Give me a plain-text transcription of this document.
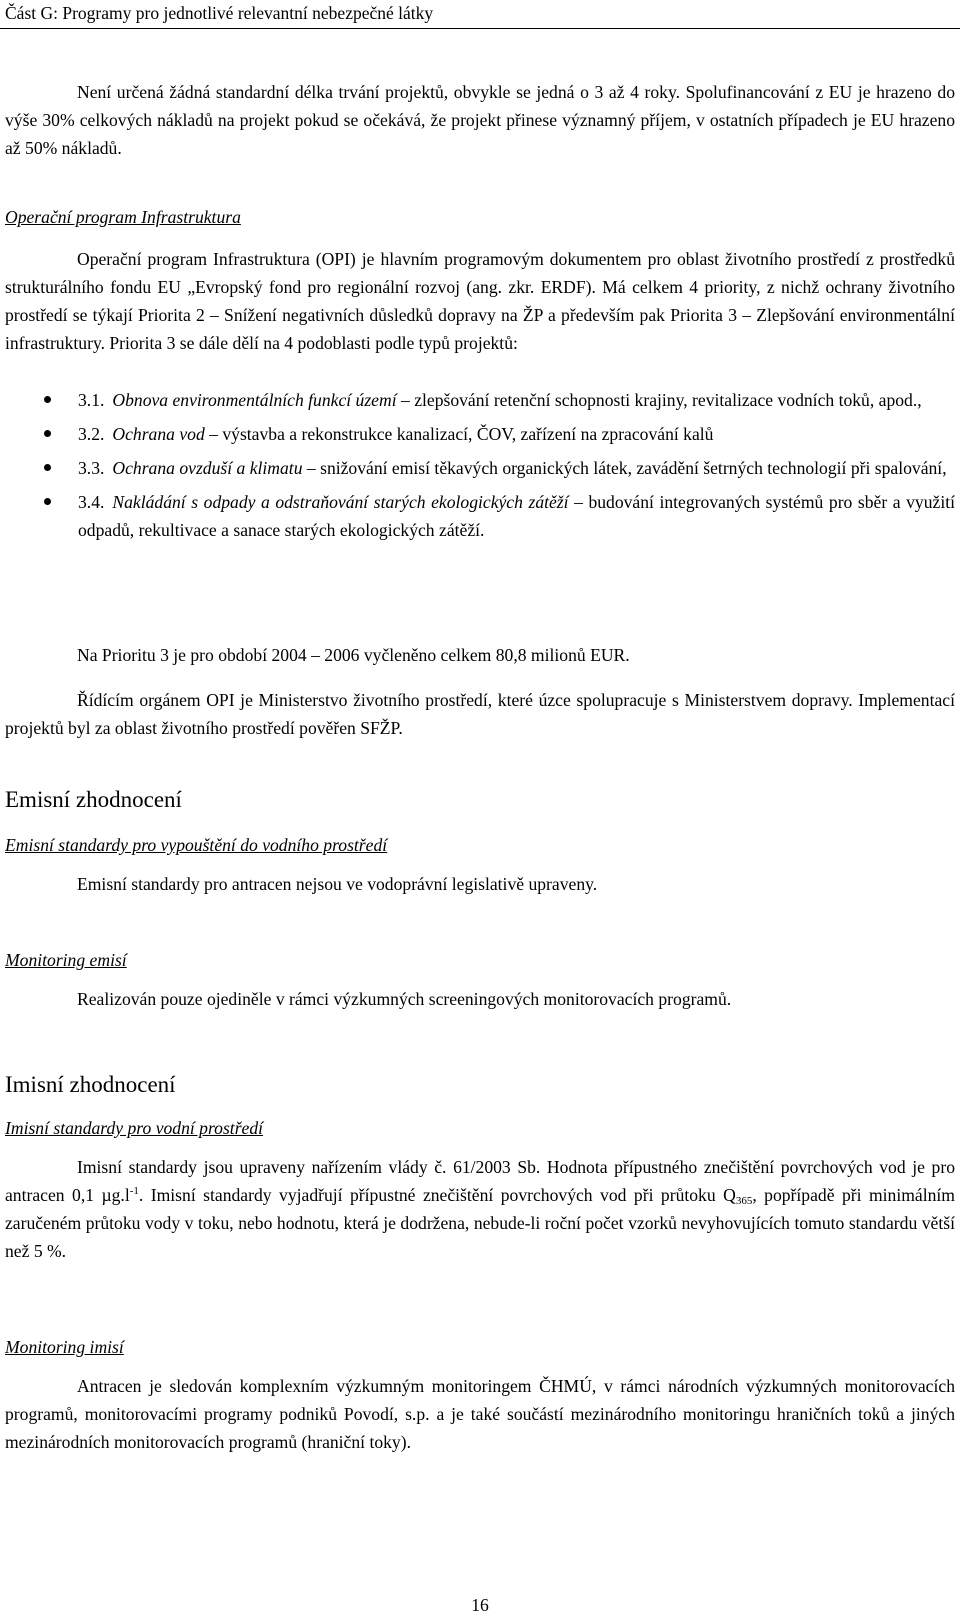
Část G: Programy pro jednotlivé relevantní nebezpečné látky

Není určená žádná standardní délka trvání projektů, obvykle se jedná o 3 až 4 roky. Spolufinancování z EU je hrazeno do výše 30% celkových nákladů na projekt pokud se očekává, že projekt přinese významný příjem, v ostatních případech je EU hrazeno až 50% nákladů.

Operační program Infrastruktura

Operační program Infrastruktura (OPI) je hlavním programovým dokumentem pro oblast životního prostředí z prostředků strukturálního fondu EU „Evropský fond pro regionální rozvoj (ang. zkr. ERDF). Má celkem 4 priority, z nichž ochrany životního prostředí se týkají Priorita 2 – Snížení negativních důsledků dopravy na ŽP a především pak Priorita 3 – Zlepšování environmentální infrastruktury. Priorita 3 se dále dělí na 4 podoblasti podle typů projektů:

3.1. Obnova environmentálních funkcí území – zlepšování retenční schopnosti krajiny, revitalizace vodních toků, apod.,
3.2. Ochrana vod – výstavba a rekonstrukce kanalizací, ČOV, zařízení na zpracování kalů
3.3. Ochrana ovzduší a klimatu – snižování emisí těkavých organických látek, zavádění šetrných technologií při spalování,
3.4. Nakládání s odpady a odstraňování starých ekologických zátěží – budování integrovaných systémů pro sběr a využití odpadů, rekultivace a sanace starých ekologických zátěží.

Na Prioritu 3 je pro období 2004 – 2006 vyčleněno celkem 80,8 milionů EUR.

Řídícím orgánem OPI je Ministerstvo životního prostředí, které úzce spolupracuje s Ministerstvem dopravy. Implementací projektů byl za oblast životního prostředí pověřen SFŽP.

Emisní zhodnocení

Emisní standardy pro vypouštění do vodního prostředí

Emisní standardy pro antracen nejsou ve vodoprávní legislativě upraveny.

Monitoring emisí

Realizován pouze ojediněle v rámci výzkumných screeningových monitorovacích programů.

Imisní zhodnocení

Imisní standardy pro vodní prostředí

Imisní standardy jsou upraveny nařízením vlády č. 61/2003 Sb. Hodnota přípustného znečištění povrchových vod je pro antracen 0,1 $\mu g.l^{-1}$. Imisní standardy vyjadřují přípustné znečištění povrchových vod při průtoku $Q_{365}$, popřípadě při minimálním zaručeném průtoku vody v toku, nebo hodnotu, která je dodržena, nebude-li roční počet vzorků nevyhovujících tomuto standardu větší než 5 %.

Monitoring imisí

Antracen je sledován komplexním výzkumným monitoringem ČHMÚ, v rámci národních výzkumných monitorovacích programů, monitorovacími programy podniků Povodí, s.p. a je také součástí mezinárodního monitoringu hraničních toků a jiných mezinárodních monitorovacích programů (hraniční toky).

16
